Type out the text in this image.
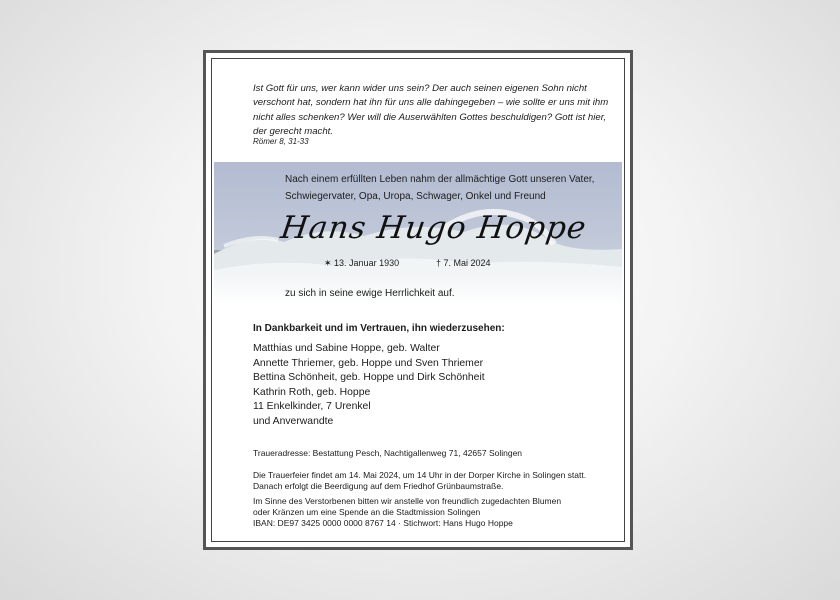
Ist Gott für uns, wer kann wider uns sein? Der auch seinen eigenen Sohn nicht verschont hat, sondern hat ihn für uns alle dahingegeben – wie sollte er uns mit ihm nicht alles schenken? Wer will die Auserwählten Gottes beschuldigen? Gott ist hier, der gerecht macht.
Römer 8, 31-33
Nach einem erfüllten Leben nahm der allmächtige Gott unseren Vater, Schwiegervater, Opa, Uropa, Schwager, Onkel und Freund
Hans Hugo Hoppe
✶ 13. Januar 1930	† 7. Mai 2024
zu sich in seine ewige Herrlichkeit auf.
In Dankbarkeit und im Vertrauen, ihn wiederzusehen:
Matthias und Sabine Hoppe, geb. Walter
Annette Thriemer, geb. Hoppe und Sven Thriemer
Bettina Schönheit, geb. Hoppe und Dirk Schönheit
Kathrin Roth, geb. Hoppe
11 Enkelkinder, 7 Urenkel
und Anverwandte
Traueradresse: Bestattung Pesch, Nachtigallenweg 71, 42657 Solingen
Die Trauerfeier findet am 14. Mai 2024, um 14 Uhr in der Dorper Kirche in Solingen statt.
Danach erfolgt die Beerdigung auf dem Friedhof Grünbaumstraße.
Im Sinne des Verstorbenen bitten wir anstelle von freundlich zugedachten Blumen
oder Kränzen um eine Spende an die Stadtmission Solingen
IBAN: DE97 3425 0000 0000 8767 14 · Stichwort: Hans Hugo Hoppe
